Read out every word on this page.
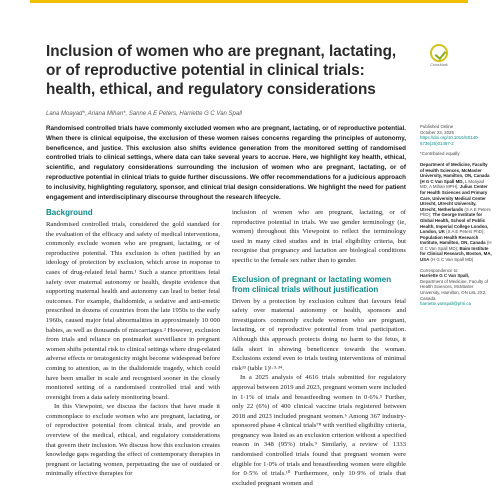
Inclusion of women who are pregnant, lactating, or of reproductive potential in clinical trials: health, ethical, and regulatory considerations
CrossMark
Lana Moayad*, Ariana Mihan*, Sanne A E Peters, Harriette G C Van Spall

Randomised controlled trials have commonly excluded women who are pregnant, lactating, or of reproductive potential. When there is clinical equipoise, the exclusion of these women raises concerns regarding the principles of autonomy, beneficence, and justice. This exclusion also shifts evidence generation from the monitored setting of randomised controlled trials to clinical settings, where data can take several years to accrue. Here, we highlight key health, ethical, scientific, and regulatory considerations surrounding the inclusion of women who are pregnant, lactating, or of reproductive potential in clinical trials to guide further discussions. We offer recommendations for a judicious approach to inclusivity, highlighting regulatory, sponsor, and clinical trial design considerations. We highlight the need for patient engagement and interdisciplinary discourse throughout the research lifecycle.

Background

Randomised controlled trials, considered the gold standard for the evaluation of the efficacy and safety of medical interventions, commonly exclude women who are pregnant, lactating, or of reproductive potential. This exclusion is often justified by an ideology of protection by exclusion, which arose in response to cases of drug-related fetal harm.¹ Such a stance prioritises fetal safety over maternal autonomy or health, despite evidence that supporting maternal health and autonomy can lead to better fetal outcomes. For example, thalidomide, a sedative and anti-emetic prescribed in dozens of countries from the late 1950s to the early 1960s, caused major fetal abnormalities in approximately 10 000 babies, as well as thousands of miscarriages.² However, exclusion from trials and reliance on postmarket surveillance in pregnant women shifts potential risk to clinical settings where drug-related adverse effects or teratogenicity might become widespread before coming to attention, as in the thalidomide tragedy, which could have been smaller in scale and recognised sooner in the closely monitored setting of a randomised controlled trial and with oversight from a data safety monitoring board.

In this Viewpoint, we discuss the factors that have made it commonplace to exclude women who are pregnant, lactating, or of reproductive potential from clinical trials, and provide an overview of the medical, ethical, and regulatory considerations that govern their inclusion. We discuss how this exclusion creates knowledge gaps regarding the effect of contemporary therapies in pregnant or lactating women, perpetuating the use of outdated or minimally effective therapies for

inclusion of women who are pregnant, lactating, or of reproductive potential in trials. We use gender terminology (ie, women) throughout this Viewpoint to reflect the terminology used in many cited studies and in trial eligibility criteria, but recognise that pregnancy and lactation are biological conditions specific to the female sex rather than to gender.

Exclusion of pregnant or lactating women from clinical trials without justification

Driven by a protection by exclusion culture that favours fetal safety over maternal autonomy or health, sponsors and investigators commonly exclude women who are pregnant, lactating, or of reproductive potential from trial participation. Although this approach protects doing no harm to the fetus, it falls short in showing beneficence towards the woman. Exclusions extend even to trials testing interventions of minimal risk³³ (table 1)¹·³·³⁴.

In a 2025 analysis of 4616 trials submitted for regulatory approval between 2019 and 2023, pregnant women were included in 1·1% of trials and breastfeeding women in 0·6%.⁵ Further, only 22 (6%) of 400 clinical vaccine trials registered between 2018 and 2023 included pregnant women.⁶ Among 367 industry-sponsored phase 4 clinical trials⁷⁸ with verified eligibility criteria, pregnancy was listed as an exclusion criterion without a specified reason in 348 (95%) trials.⁹ Similarly, a review of 1333 randomised controlled trials found that pregnant women were eligible for 1·0% of trials and breastfeeding women were eligible for 0·5% of trials.¹⁰ Furthermore, only 10·9% of trials that excluded pregnant women and

Published Online
October 23, 2025
https://doi.org/10.1016/S0140-6736(25)01497-2
*Contributed equally
Department of Medicine, Faculty of Health Sciences, McMaster University, Hamilton, ON, Canada (H G C Van Spall MD, L Moayad MD, A Mihan MPH); Julius Center for Health Sciences and Primary Care, University Medical Center Utrecht, Utrecht University, Utrecht, Netherlands (S A E Peters PhD); The George Institute for Global Health, School of Public Health, Imperial College London, London, UK (S A E Peters PhD); Population Health Research Institute, Hamilton, ON, Canada (H G C Van Spall MD); Baim Institute for Clinical Research, Boston, MA, USA (H G C Van Spall MD)
Correspondence to:
Harriette G C Van Spall,
Department of Medicine, Faculty of Health Sciences, McMaster University, Hamilton, ON L8L 2X2, Canada
harriette.vanspall@phri.ca
